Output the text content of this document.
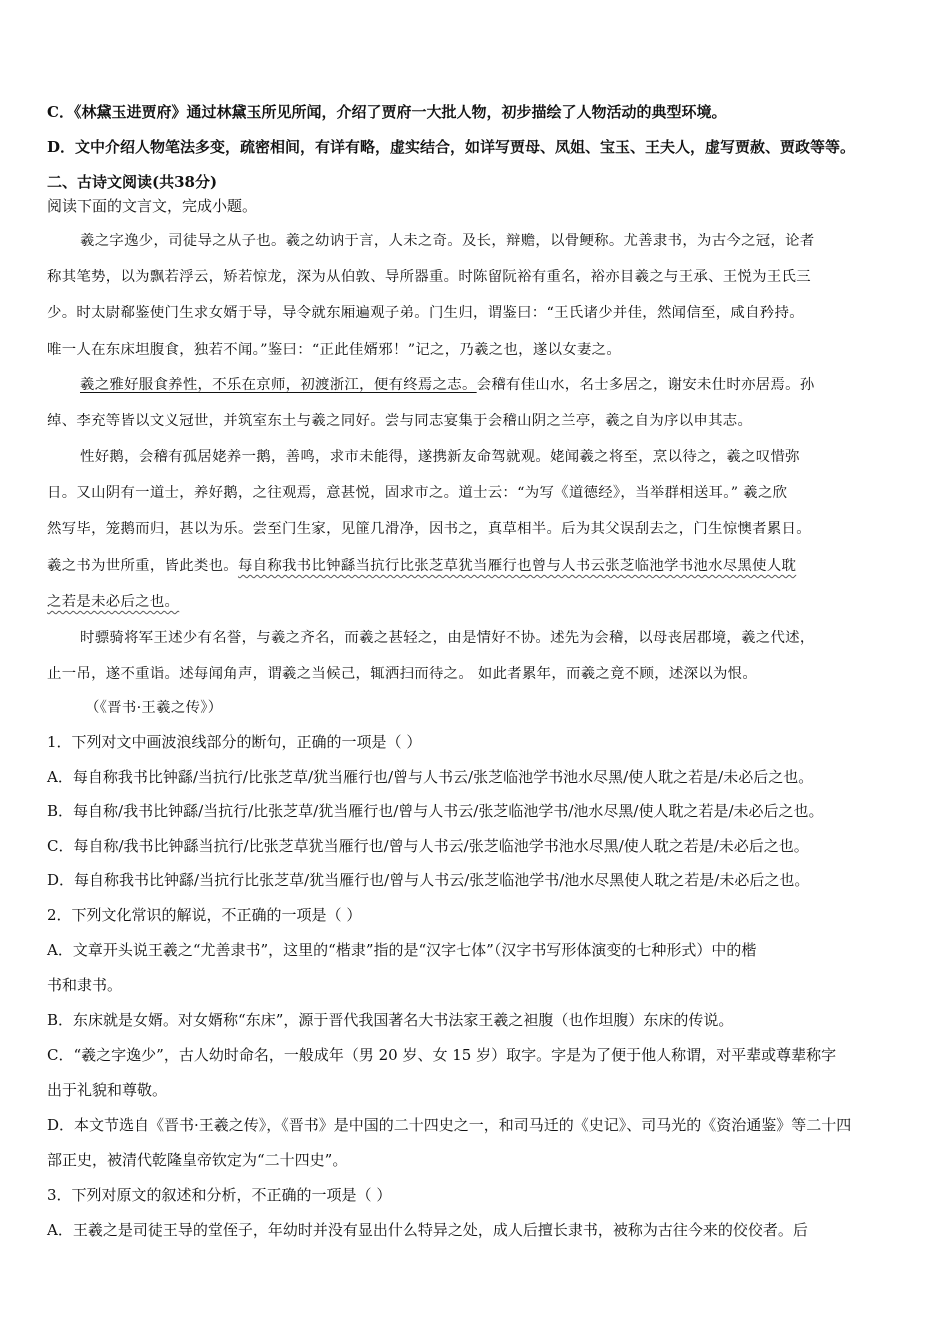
C．《林黛玉进贾府》通过林黛玉所见所闻，介绍了贾府一大批人物，初步描绘了人物活动的典型环境。
D．文中介绍人物笔法多变，疏密相间，有详有略，虚实结合，如详写贾母、凤姐、宝玉、王夫人，虚写贾赦、贾政等等。
二、古诗文阅读(共38分)
阅读下面的文言文，完成小题。
羲之字逸少，司徒导之从子也。羲之幼讷于言，人未之奇。及长，辩赡，以骨鲠称。尤善隶书，为古今之冠，论者
称其笔势，以为飘若浮云，矫若惊龙，深为从伯敦、导所器重。时陈留阮裕有重名，裕亦目羲之与王承、王悦为王氏三
少。时太尉郗鉴使门生求女婿于导，导令就东厢遍观子弟。门生归，谓鉴曰：“王氏诸少并佳，然闻信至，咸自矜持。
唯一人在东床坦腹食，独若不闻。”鉴曰：“正此佳婿邪！”记之，乃羲之也，遂以女妻之。
羲之雅好服食养性，不乐在京师，初渡浙江，便有终焉之志。会稽有佳山水，名士多居之，谢安未仕时亦居焉。孙
绰、李充等皆以文义冠世，并筑室东土与羲之同好。尝与同志宴集于会稽山阴之兰亭，羲之自为序以申其志。
性好鹅，会稽有孤居姥养一鹅，善鸣，求市未能得，遂携新友命驾就观。姥闻羲之将至，烹以待之，羲之叹惜弥
日。又山阴有一道士，养好鹅，之往观焉，意甚悦，固求市之。道士云：“为写《道德经》，当举群相送耳。” 羲之欣
然写毕，笼鹅而归，甚以为乐。尝至门生家，见篚几滑净，因书之，真草相半。后为其父误刮去之，门生惊懊者累日。
羲之书为世所重，皆此类也。每自称我书比钟繇当抗行比张芝草犹当雁行也曾与人书云张芝临池学书池水尽黑使人耽
之若是未必后之也。
时骠骑将军王述少有名誉，与羲之齐名，而羲之甚轻之，由是情好不协。述先为会稽，以母丧居郡境，羲之代述，
止一吊，遂不重诣。述每闻角声，谓羲之当候己，辄洒扫而待之。 如此者累年，而羲之竟不顾，述深以为恨。
（《晋书·王羲之传》）
1．下列对文中画波浪线部分的断句，正确的一项是（ ）
A．每自称我书比钟繇/当抗行/比张芝草/犹当雁行也/曾与人书云/张芝临池学书池水尽黑/使人耽之若是/未必后之也。
B．每自称/我书比钟繇/当抗行/比张芝草/犹当雁行也/曾与人书云/张芝临池学书/池水尽黑/使人耽之若是/未必后之也。
C．每自称/我书比钟繇当抗行/比张芝草犹当雁行也/曾与人书云/张芝临池学书池水尽黑/使人耽之若是/未必后之也。
D．每自称我书比钟繇/当抗行比张芝草/犹当雁行也/曾与人书云/张芝临池学书/池水尽黑使人耽之若是/未必后之也。
2．下列文化常识的解说，不正确的一项是（ ）
A．文章开头说王羲之“尤善隶书”，这里的“楷隶”指的是“汉字七体”（汉字书写形体演变的七种形式）中的楷
书和隶书。
B．东床就是女婿。对女婿称“东床”，源于晋代我国著名大书法家王羲之袒腹（也作坦腹）东床的传说。
C．“羲之字逸少”，古人幼时命名，一般成年（男 20 岁、女 15 岁）取字。字是为了便于他人称谓，对平辈或尊辈称字
出于礼貌和尊敬。
D．本文节选自《晋书·王羲之传》，《晋书》是中国的二十四史之一，和司马迁的《史记》、司马光的《资治通鉴》等二十四
部正史，被清代乾隆皇帝钦定为“二十四史”。
3．下列对原文的叙述和分析，不正确的一项是（ ）
A．王羲之是司徒王导的堂侄子，年幼时并没有显出什么特异之处，成人后擅长隶书，被称为古往今来的佼佼者。后
